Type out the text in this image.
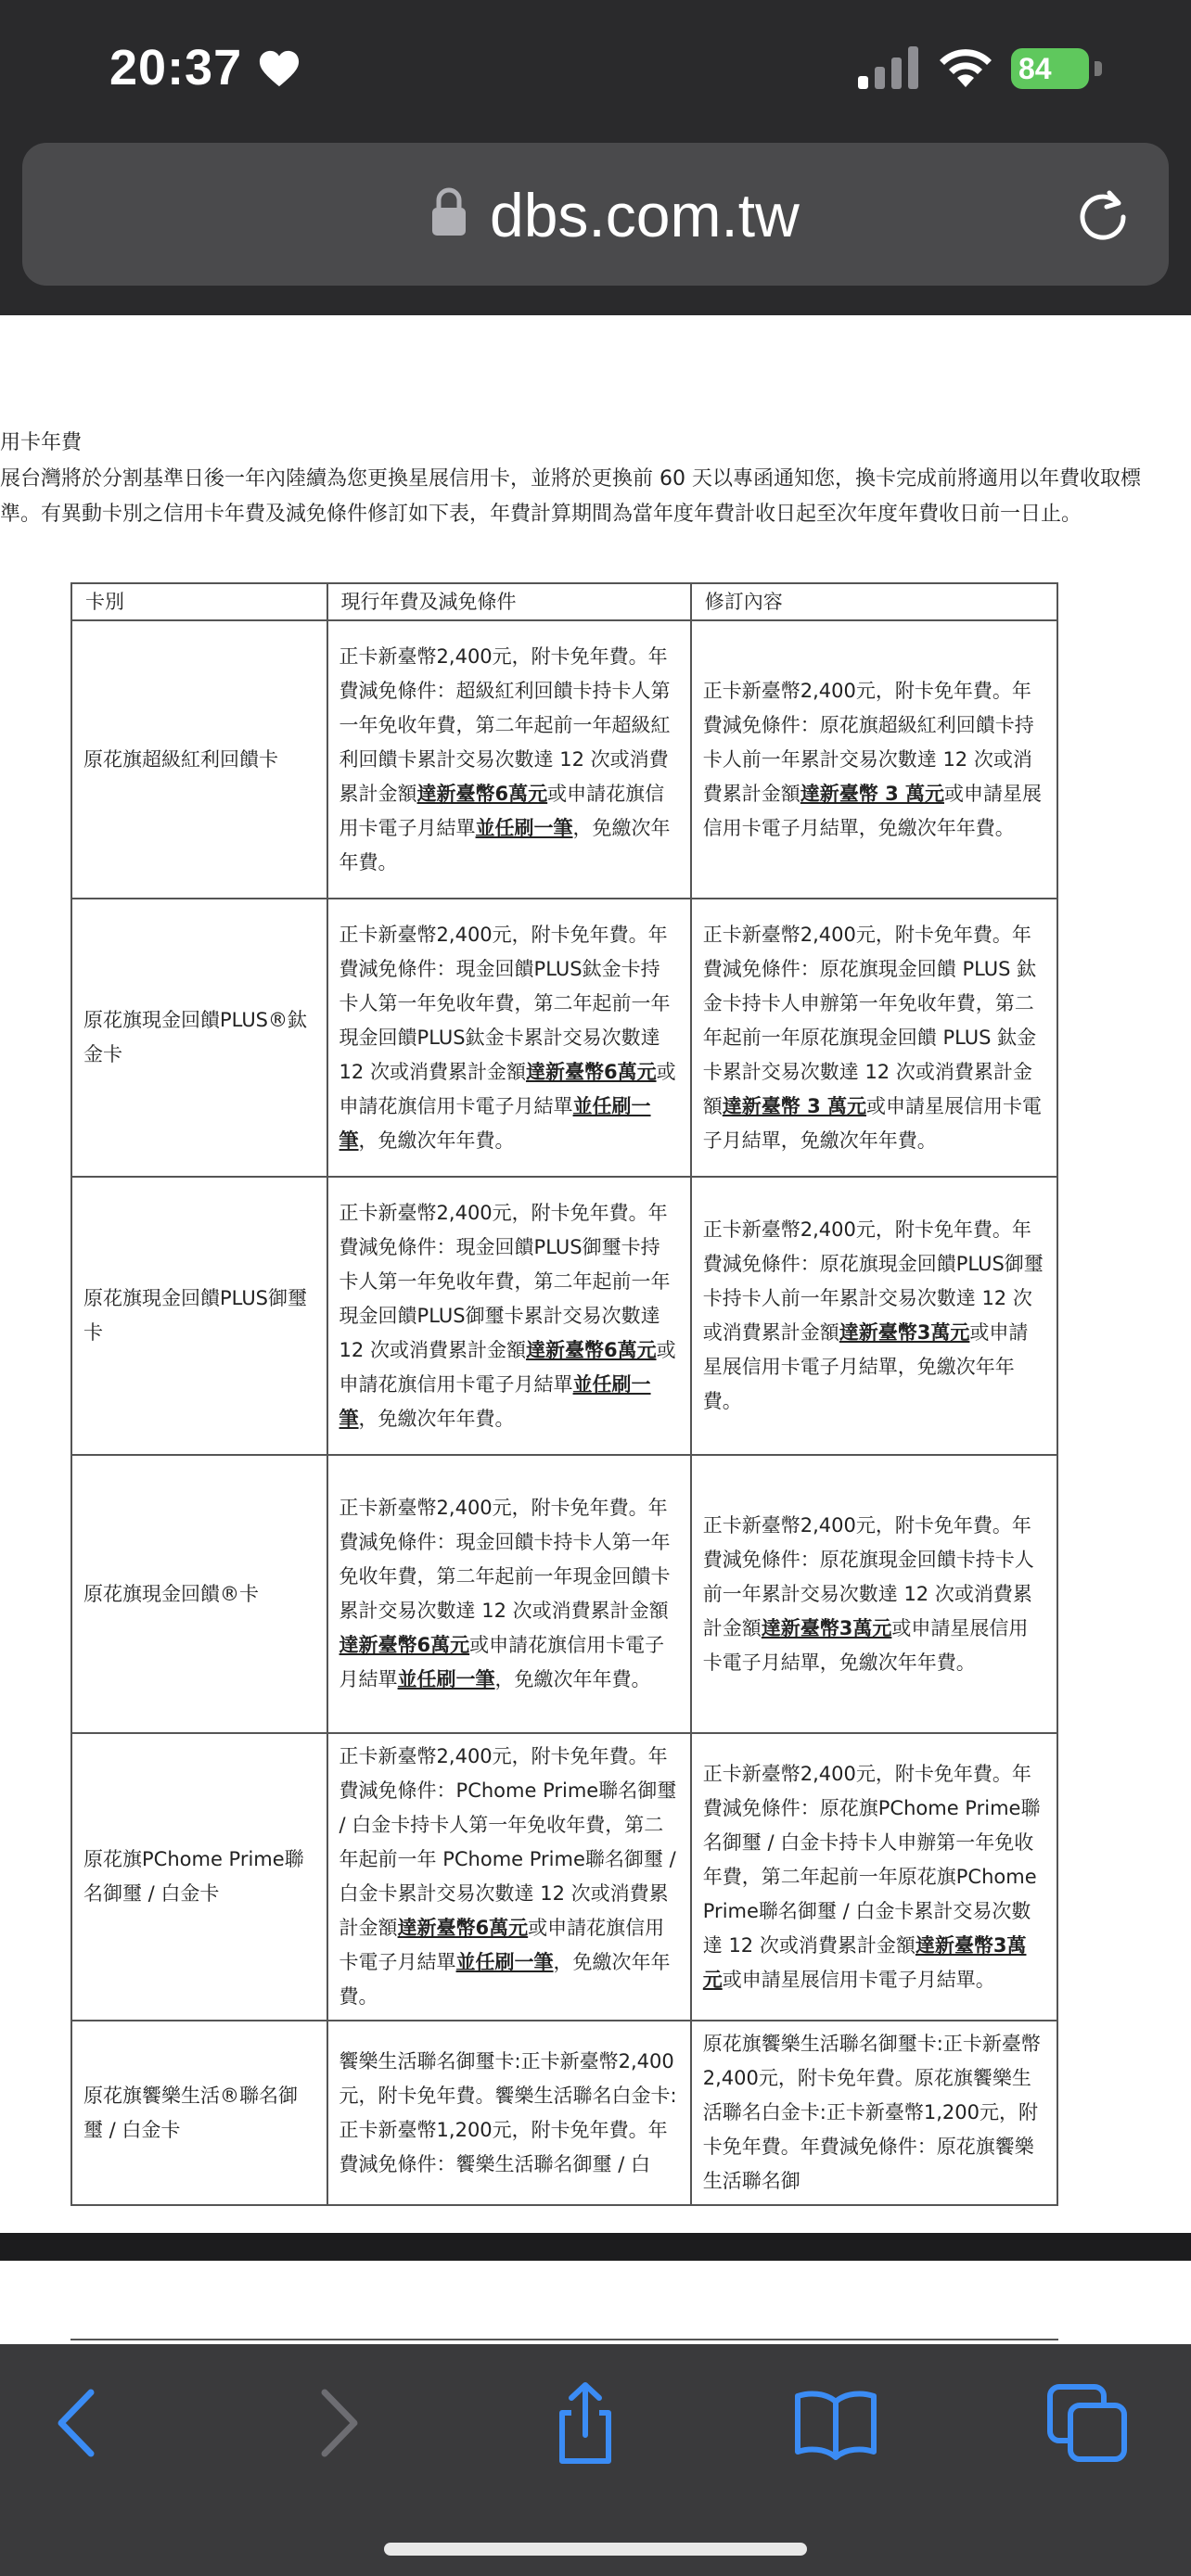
20:37	84
dbs.com.tw
用卡年費
展台灣將於分割基準日後一年內陸續為您更換星展信用卡，並將於更換前 60 天以專函通知您，換卡完成前將適用以年費收取標準。有異動卡別之信用卡年費及減免條件修訂如下表，年費計算期間為當年度年費計收日起至次年度年費收日前一日止。
卡別	現行年費及減免條件	修訂內容
原花旗超級紅利回饋卡	正卡新臺幣2,400元，附卡免年費。年費減免條件：超級紅利回饋卡持卡人第一年免收年費，第二年起前一年超級紅利回饋卡累計交易次數達 12 次或消費累計金額達新臺幣6萬元或申請花旗信用卡電子月結單並任刷一筆，免繳次年年費。	正卡新臺幣2,400元，附卡免年費。年費減免條件：原花旗超級紅利回饋卡持卡人前一年累計交易次數達 12 次或消費累計金額達新臺幣 3 萬元或申請星展信用卡電子月結單，免繳次年年費。
原花旗現金回饋PLUS®鈦金卡	正卡新臺幣2,400元，附卡免年費。年費減免條件：現金回饋PLUS鈦金卡持卡人第一年免收年費，第二年起前一年現金回饋PLUS鈦金卡累計交易次數達 12 次或消費累計金額達新臺幣6萬元或申請花旗信用卡電子月結單並任刷一筆，免繳次年年費。	正卡新臺幣2,400元，附卡免年費。年費減免條件：原花旗現金回饋 PLUS 鈦金卡持卡人申辦第一年免收年費，第二年起前一年原花旗現金回饋 PLUS 鈦金卡累計交易次數達 12 次或消費累計金額達新臺幣 3 萬元或申請星展信用卡電子月結單，免繳次年年費。
原花旗現金回饋PLUS御璽卡	正卡新臺幣2,400元，附卡免年費。年費減免條件：現金回饋PLUS御璽卡持卡人第一年免收年費，第二年起前一年現金回饋PLUS御璽卡累計交易次數達 12 次或消費累計金額達新臺幣6萬元或申請花旗信用卡電子月結單並任刷一筆，免繳次年年費。	正卡新臺幣2,400元，附卡免年費。年費減免條件：原花旗現金回饋PLUS御璽卡持卡人前一年累計交易次數達 12 次或消費累計金額達新臺幣3萬元或申請星展信用卡電子月結單，免繳次年年費。
原花旗現金回饋®卡	正卡新臺幣2,400元，附卡免年費。年費減免條件：現金回饋卡持卡人第一年免收年費，第二年起前一年現金回饋卡累計交易次數達 12 次或消費累計金額達新臺幣6萬元或申請花旗信用卡電子月結單並任刷一筆，免繳次年年費。	正卡新臺幣2,400元，附卡免年費。年費減免條件：原花旗現金回饋卡持卡人前一年累計交易次數達 12 次或消費累計金額達新臺幣3萬元或申請星展信用卡電子月結單，免繳次年年費。
原花旗PChome Prime聯名御璽 / 白金卡	正卡新臺幣2,400元，附卡免年費。年費減免條件：PChome Prime聯名御璽 / 白金卡持卡人第一年免收年費，第二年起前一年 PChome Prime聯名御璽 / 白金卡累計交易次數達 12 次或消費累計金額達新臺幣6萬元或申請花旗信用卡電子月結單並任刷一筆，免繳次年年費。	正卡新臺幣2,400元，附卡免年費。年費減免條件：原花旗PChome Prime聯名御璽 / 白金卡持卡人申辦第一年免收年費，第二年起前一年原花旗PChome Prime聯名御璽 / 白金卡累計交易次數達 12 次或消費累計金額達新臺幣3萬元或申請星展信用卡電子月結單。
原花旗饗樂生活®聯名御璽 / 白金卡	饗樂生活聯名御璽卡:正卡新臺幣2,400元，附卡免年費。饗樂生活聯名白金卡:正卡新臺幣1,200元，附卡免年費。年費減免條件：饗樂生活聯名御璽 / 白	原花旗饗樂生活聯名御璽卡:正卡新臺幣2,400元，附卡免年費。原花旗饗樂生活聯名白金卡:正卡新臺幣1,200元，附卡免年費。年費減免條件：原花旗饗樂生活聯名御
